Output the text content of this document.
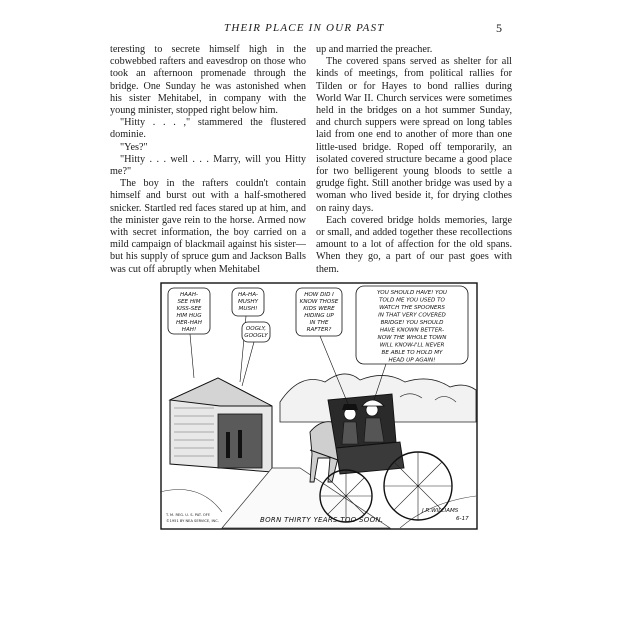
THEIR PLACE IN OUR PAST	5

teresting to secrete himself high in the cobwebbed rafters and eavesdrop on those who took an afternoon promenade through the bridge. One Sunday he was astonished when his sister Mehitabel, in company with the young minister, stopped right below him.

"Hitty . . . ," stammered the flustered dominie.

"Yes?"

"Hitty . . . well . . . Marry, will you Hitty me?"

The boy in the rafters couldn't contain himself and burst out with a half-smothered snicker. Startled red faces stared up at him, and the minister gave rein to the horse. Armed now with secret information, the boy carried on a mild campaign of blackmail against his sister—but his supply of spruce gum and Jackson Balls was cut off abruptly when Mehitabel

up and married the preacher.

The covered spans served as shelter for all kinds of meetings, from political rallies for Tilden or for Hayes to bond rallies during World War II. Church services were sometimes held in the bridges on a hot summer Sunday, and church suppers were spread on long tables laid from one end to another of more than one little-used bridge. Roped off temporarily, an isolated covered structure became a good place for two belligerent young bloods to settle a grudge fight. Still another bridge was used by a woman who lived beside it, for drying clothes on rainy days.

Each covered bridge holds memories, large or small, and added together these recollections amount to a lot of affection for the old spans. When they go, a part of our past goes with them.

HAAH-
SEE HIM
KISS-SEE
HIM HUG
HER-HAH
HAH!
HA-HA-
MUSHY
MUSH!
OOGLY,
GOOGLY
HOW DID I
KNOW THOSE
KIDS WERE
HIDING UP
IN THE
RAFTER?
YOU SHOULD HAVE! YOU
TOLD ME YOU USED TO
WATCH THE SPOONERS
IN THAT VERY COVERED
BRIDGE! YOU SHOULD
HAVE KNOWN BETTER-
NOW THE WHOLE TOWN
WILL KNOW-I'LL NEVER
BE ABLE TO HOLD MY
HEAD UP AGAIN!
T. M. REG. U. S. PAT. OFF.
©1951 BY NEA SERVICE, INC.	BORN THIRTY YEARS TOO SOON.
J.R.WILLIAMS
6-17
